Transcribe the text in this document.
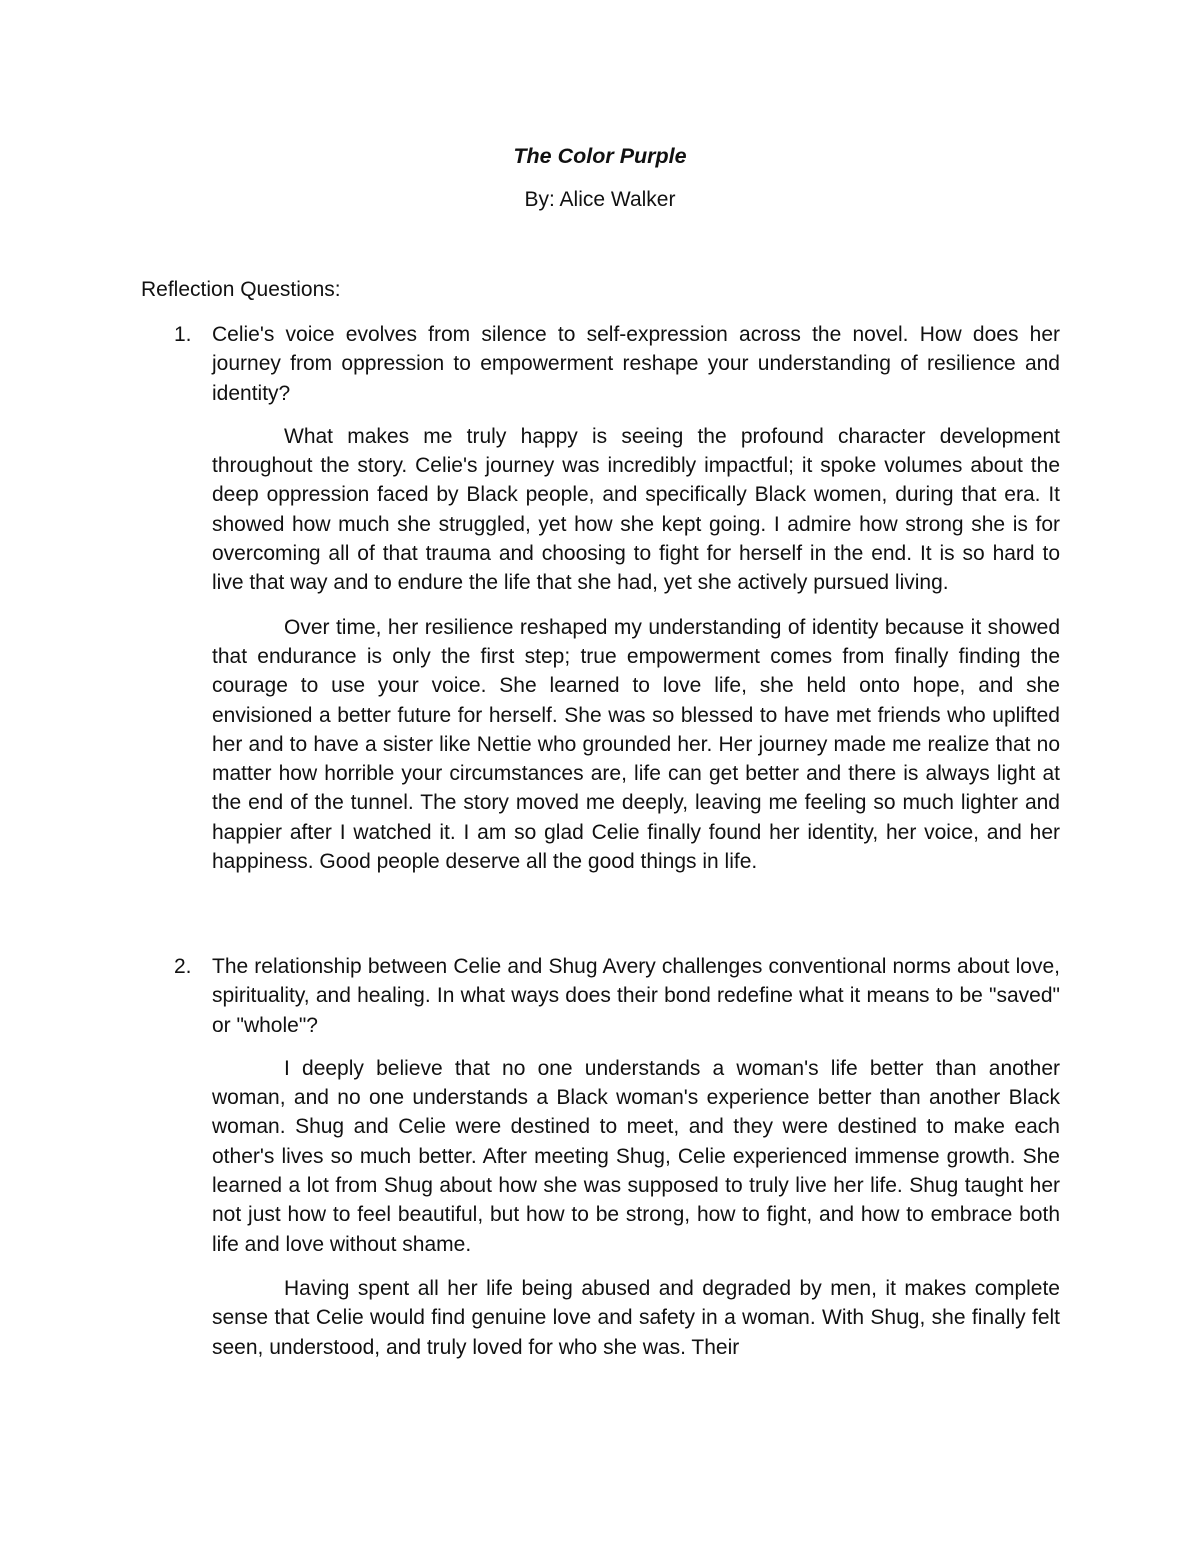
The Color Purple

By: Alice Walker

Reflection Questions:

1. Celie's voice evolves from silence to self-expression across the novel. How does her journey from oppression to empowerment reshape your understanding of resilience and identity?

What makes me truly happy is seeing the profound character development throughout the story. Celie's journey was incredibly impactful; it spoke volumes about the deep oppression faced by Black people, and specifically Black women, during that era. It showed how much she struggled, yet how she kept going. I admire how strong she is for overcoming all of that trauma and choosing to fight for herself in the end. It is so hard to live that way and to endure the life that she had, yet she actively pursued living.

Over time, her resilience reshaped my understanding of identity because it showed that endurance is only the first step; true empowerment comes from finally finding the courage to use your voice. She learned to love life, she held onto hope, and she envisioned a better future for herself. She was so blessed to have met friends who uplifted her and to have a sister like Nettie who grounded her. Her journey made me realize that no matter how horrible your circumstances are, life can get better and there is always light at the end of the tunnel. The story moved me deeply, leaving me feeling so much lighter and happier after I watched it. I am so glad Celie finally found her identity, her voice, and her happiness. Good people deserve all the good things in life.

2. The relationship between Celie and Shug Avery challenges conventional norms about love, spirituality, and healing. In what ways does their bond redefine what it means to be "saved" or "whole"?

I deeply believe that no one understands a woman's life better than another woman, and no one understands a Black woman's experience better than another Black woman. Shug and Celie were destined to meet, and they were destined to make each other's lives so much better. After meeting Shug, Celie experienced immense growth. She learned a lot from Shug about how she was supposed to truly live her life. Shug taught her not just how to feel beautiful, but how to be strong, how to fight, and how to embrace both life and love without shame.

Having spent all her life being abused and degraded by men, it makes complete sense that Celie would find genuine love and safety in a woman. With Shug, she finally felt seen, understood, and truly loved for who she was. Their
